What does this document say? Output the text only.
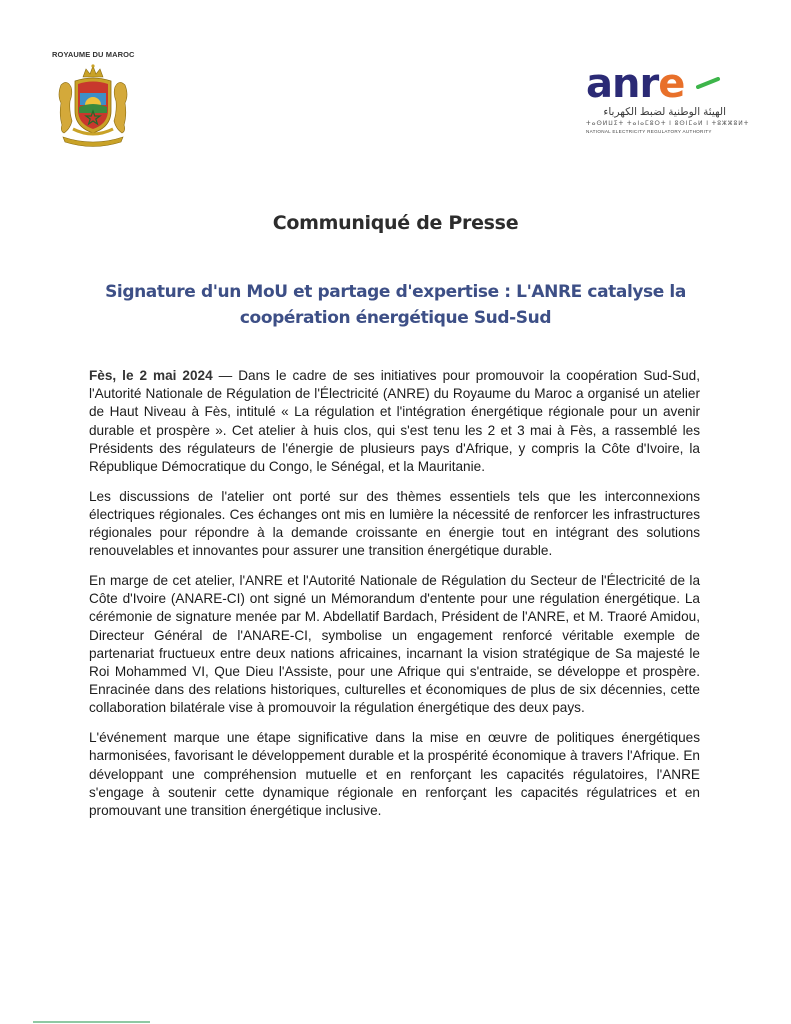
ROYAUME DU MAROC
anre
الهيئة الوطنية لضبط الكهرباء
ⵜⴰⵙⵍⵡⵉⵜ ⵜⴰⵏⴰⵎⵓⵔⵜ ⵏ ⵓⵙⵏⵎⴰⵍ ⵏ ⵜⵓⵣⵣⵓⵍⵜ
NATIONAL ELECTRICITY REGULATORY AUTHORITY
Communiqué de Presse
Signature d'un MoU et partage d'expertise : L'ANRE catalyse la coopération énergétique Sud-Sud

Fès, le 2 mai 2024 — Dans le cadre de ses initiatives pour promouvoir la coopération Sud-Sud, l'Autorité Nationale de Régulation de l'Électricité (ANRE) du Royaume du Maroc a organisé un atelier de Haut Niveau à Fès, intitulé « La régulation et l'intégration énergétique régionale pour un avenir durable et prospère ». Cet atelier à huis clos, qui s'est tenu les 2 et 3 mai à Fès, a rassemblé les Présidents des régulateurs de l'énergie de plusieurs pays d'Afrique, y compris la Côte d'Ivoire, la République Démocratique du Congo, le Sénégal, et la Mauritanie.

Les discussions de l'atelier ont porté sur des thèmes essentiels tels que les interconnexions électriques régionales. Ces échanges ont mis en lumière la nécessité de renforcer les infrastructures régionales pour répondre à la demande croissante en énergie tout en intégrant des solutions renouvelables et innovantes pour assurer une transition énergétique durable.

En marge de cet atelier, l'ANRE et l'Autorité Nationale de Régulation du Secteur de l'Électricité de la Côte d'Ivoire (ANARE-CI) ont signé un Mémorandum d'entente pour une régulation énergétique. La cérémonie de signature menée par M. Abdellatif Bardach, Président de l'ANRE, et M. Traoré Amidou, Directeur Général de l'ANARE-CI, symbolise un engagement renforcé véritable exemple de partenariat fructueux entre deux nations africaines, incarnant la vision stratégique de Sa majesté le Roi Mohammed VI, Que Dieu l'Assiste, pour une Afrique qui s'entraide, se développe et prospère. Enracinée dans des relations historiques, culturelles et économiques de plus de six décennies, cette collaboration bilatérale vise à promouvoir la régulation énergétique des deux pays.

L'événement marque une étape significative dans la mise en œuvre de politiques énergétiques harmonisées, favorisant le développement durable et la prospérité économique à travers l'Afrique. En développant une compréhension mutuelle et en renforçant les capacités régulatoires, l'ANRE s'engage à soutenir cette dynamique régionale en renforçant les capacités régulatrices et en promouvant une transition énergétique inclusive.
